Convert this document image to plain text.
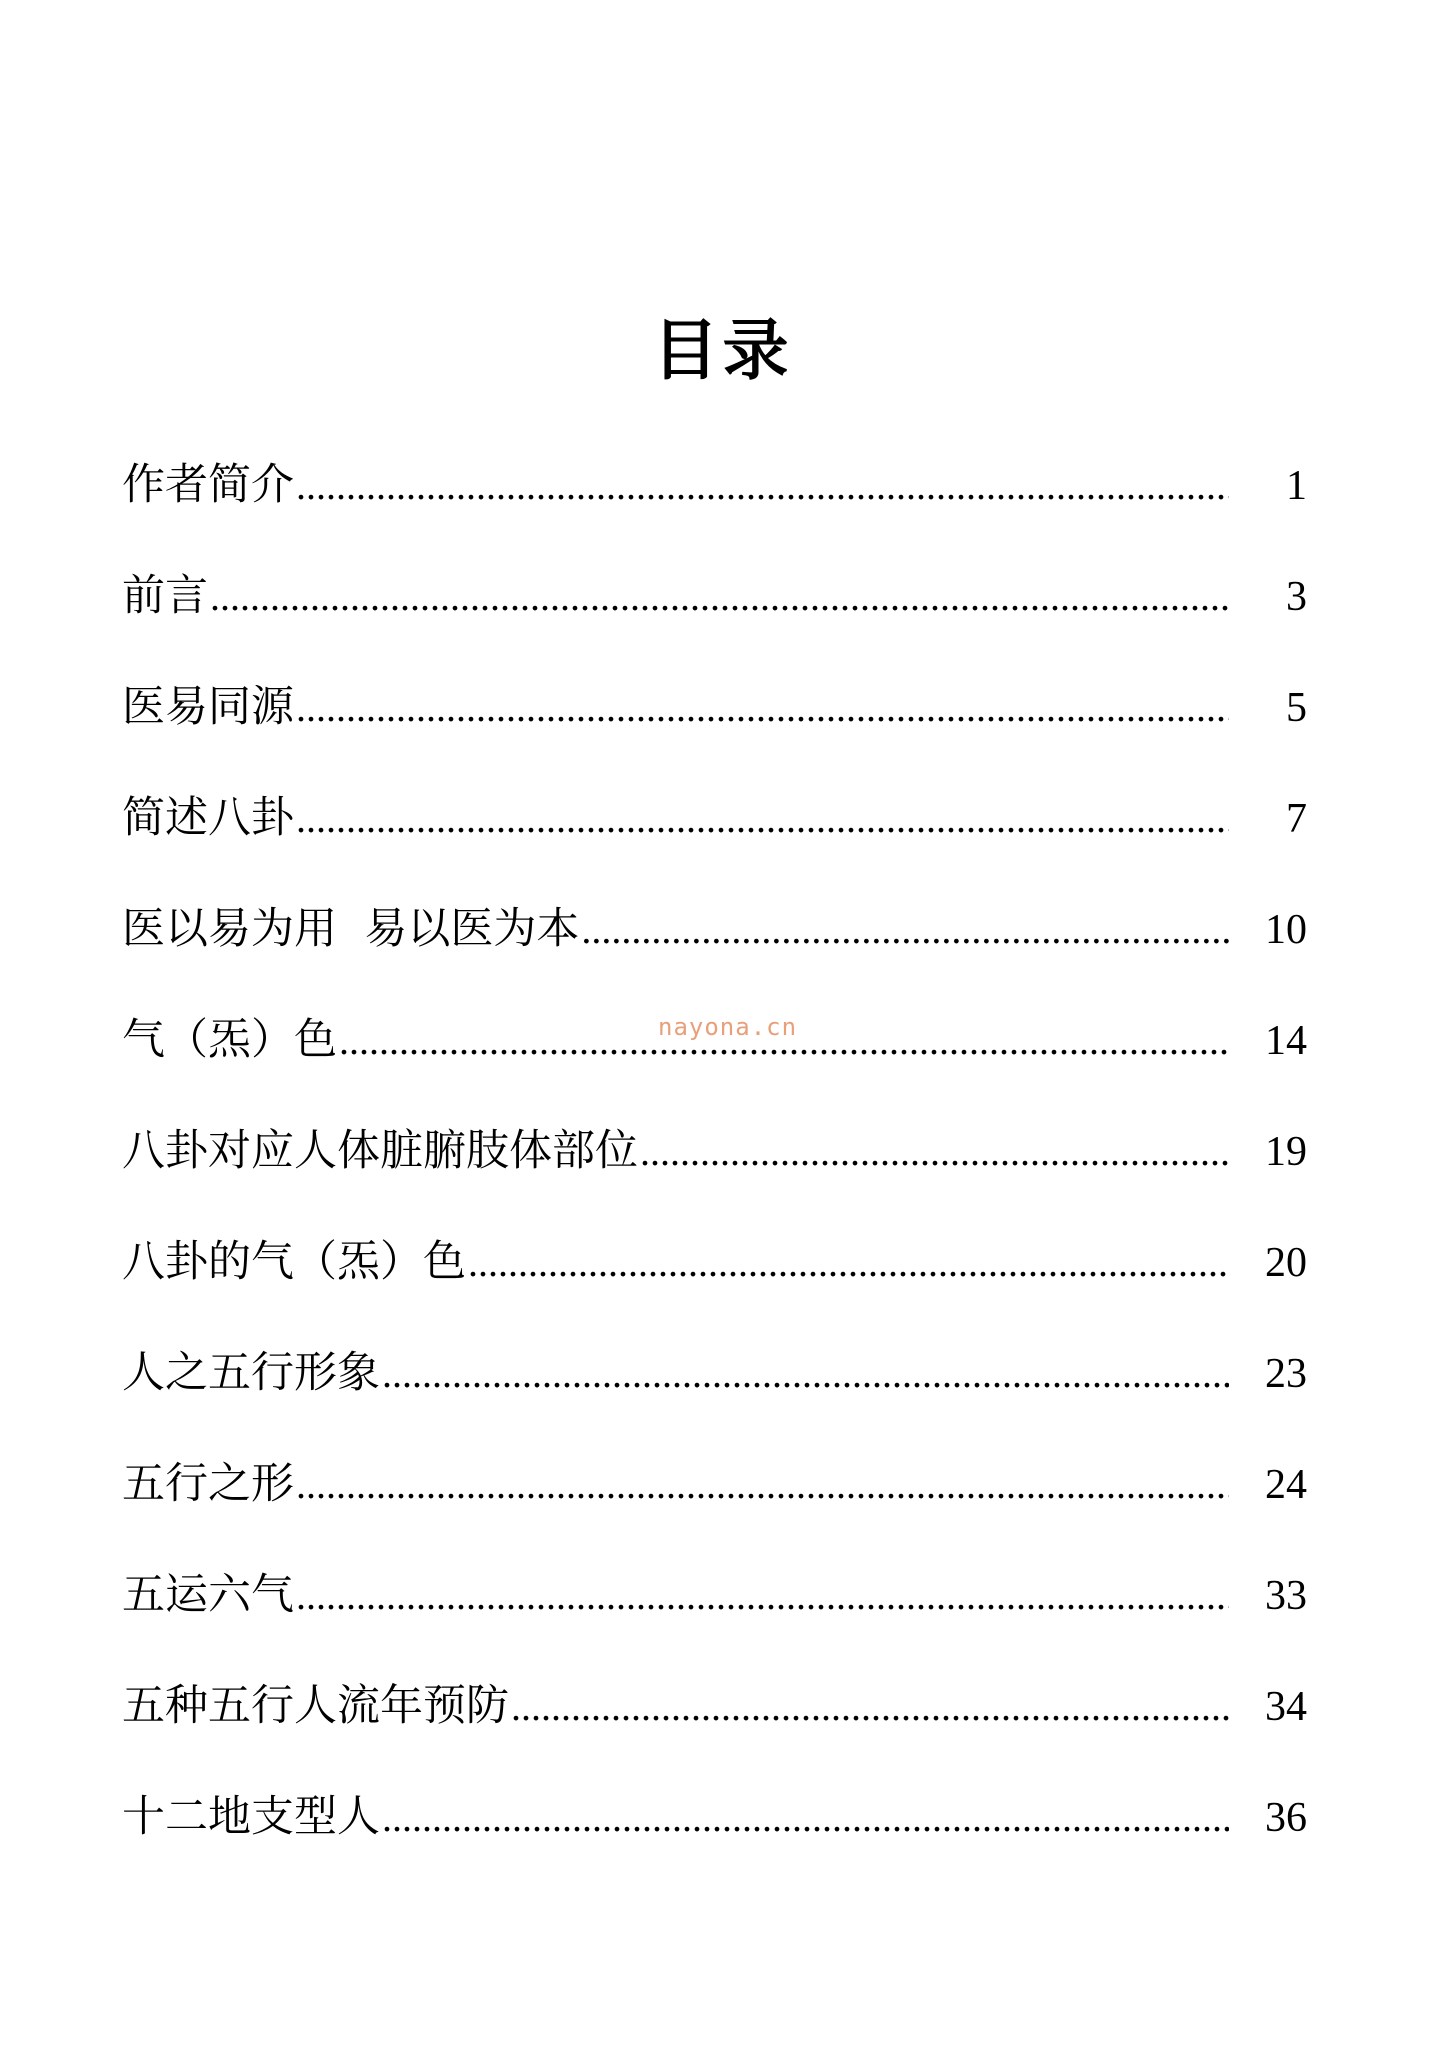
目录
作者简介 .....	1
前言 .....	3
医易同源 .....	5
简述八卦 .....	7
医以易为用  易以医为本 .....	10
气（炁）色 .....	14
八卦对应人体脏腑肢体部位 .....	19
八卦的气（炁）色 .....	20
人之五行形象 .....	23
五行之形 .....	24
五运六气 .....	33
五种五行人流年预防 .....	34
十二地支型人 .....	36
nayona.cn
